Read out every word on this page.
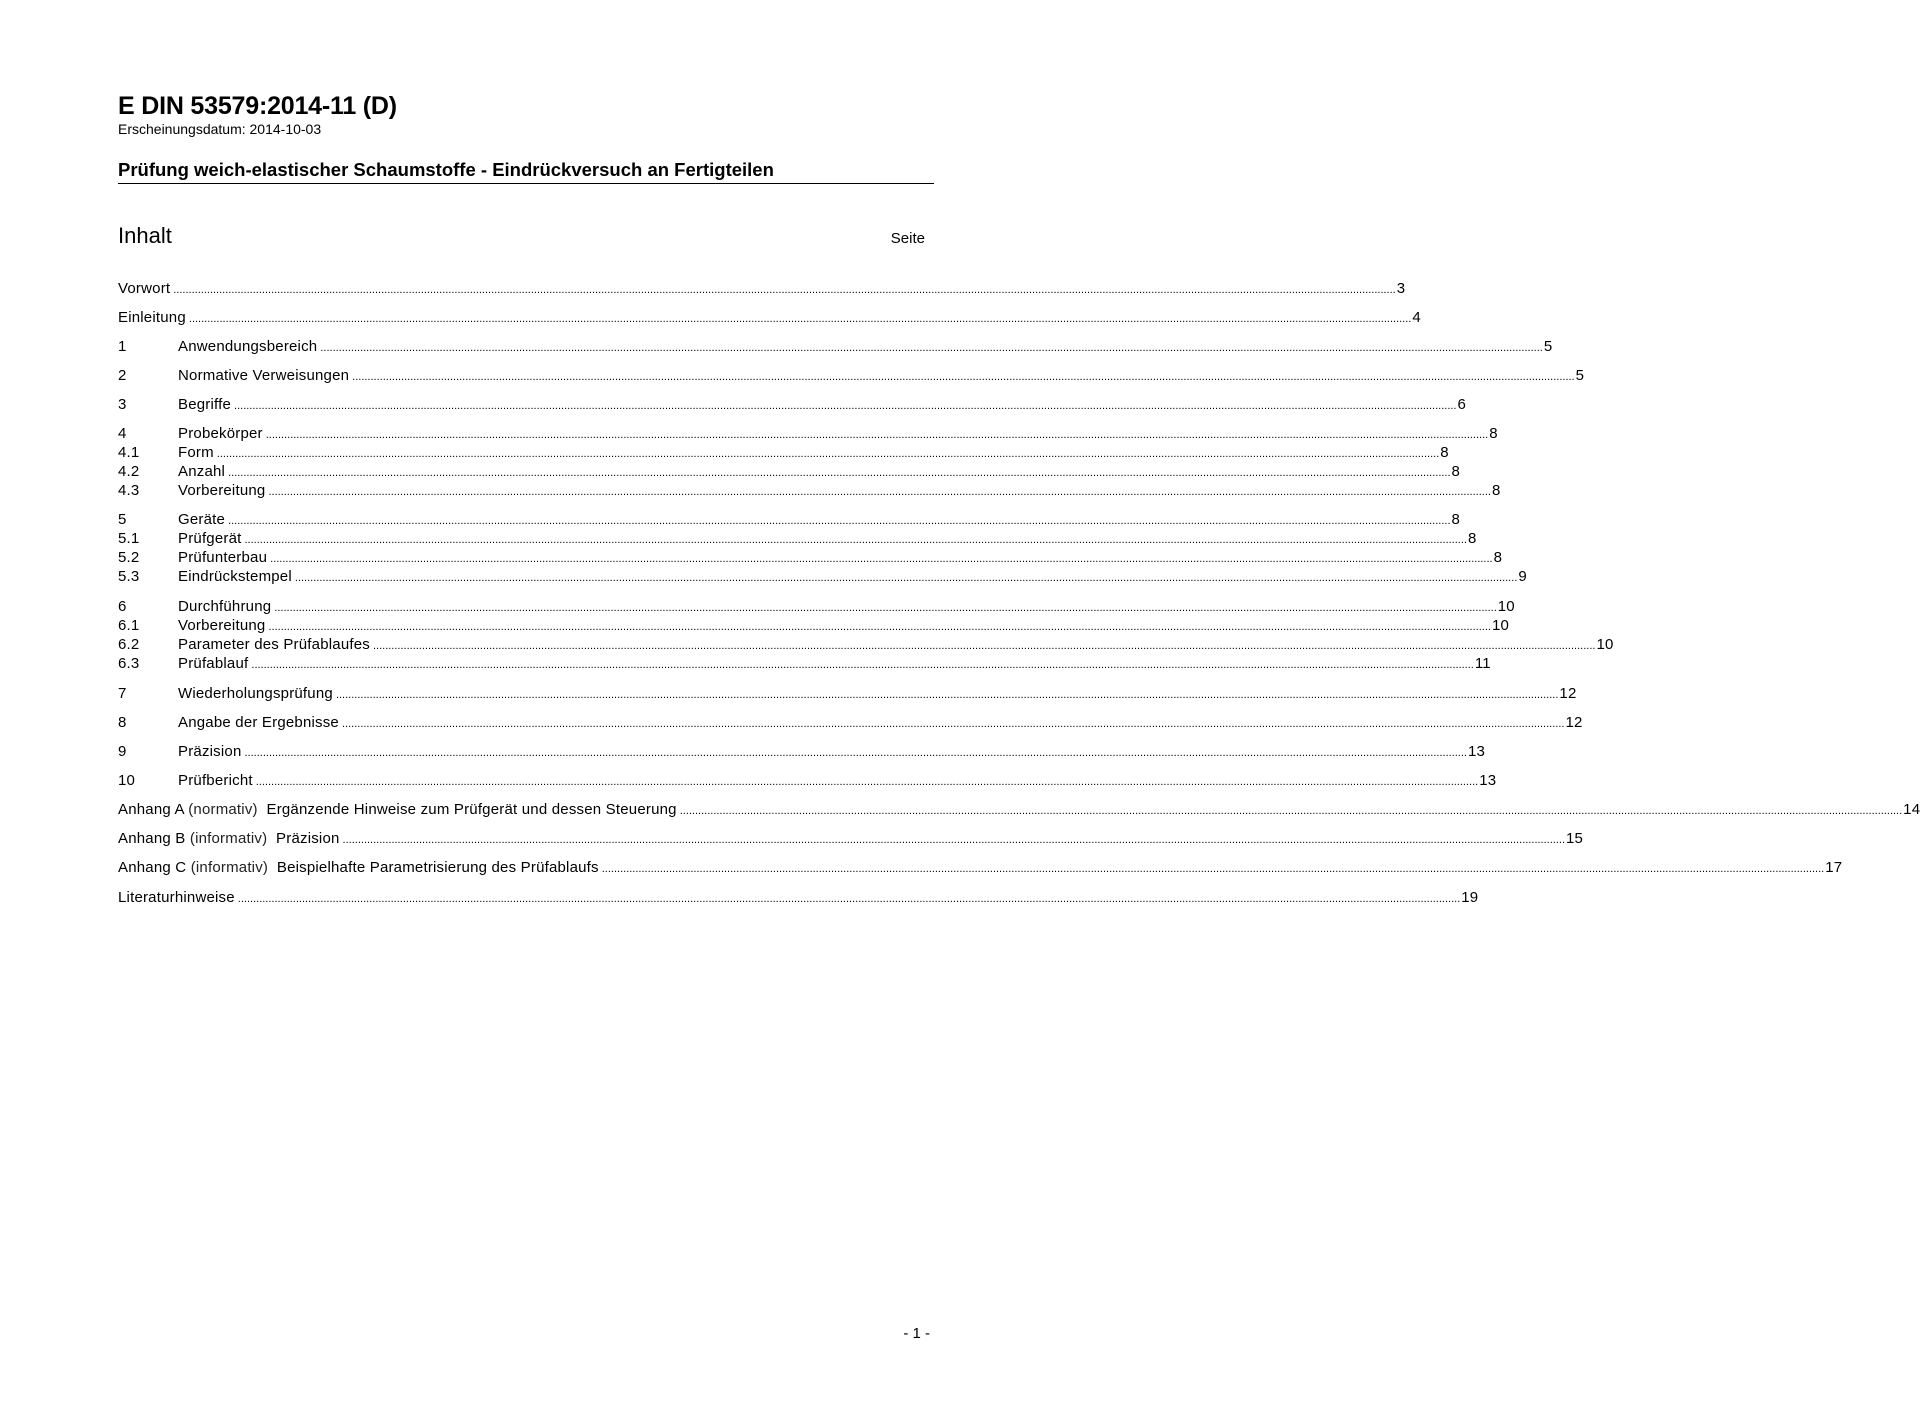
E DIN 53579:2014-11 (D)
Erscheinungsdatum: 2014-10-03
Prüfung weich-elastischer Schaumstoffe - Eindrückversuch an Fertigteilen
Inhalt	Seite
Vorwort ................................................................................................................................................................................................................................................................................................................................................................................................................ 3
Einleitung ................................................................................................................................................................................................................................................................................................................................................................................................................ 4
1	Anwendungsbereich ................................................................................................................................................................................................................................................................................................................................................................................................................ 5
2	Normative Verweisungen ................................................................................................................................................................................................................................................................................................................................................................................................................ 5
3	Begriffe ................................................................................................................................................................................................................................................................................................................................................................................................................ 6
4	Probekörper ................................................................................................................................................................................................................................................................................................................................................................................................................ 8
4.1	Form ................................................................................................................................................................................................................................................................................................................................................................................................................ 8
4.2	Anzahl ................................................................................................................................................................................................................................................................................................................................................................................................................ 8
4.3	Vorbereitung ................................................................................................................................................................................................................................................................................................................................................................................................................ 8
5	Geräte ................................................................................................................................................................................................................................................................................................................................................................................................................ 8
5.1	Prüfgerät ................................................................................................................................................................................................................................................................................................................................................................................................................ 8
5.2	Prüfunterbau ................................................................................................................................................................................................................................................................................................................................................................................................................ 8
5.3	Eindrückstempel ................................................................................................................................................................................................................................................................................................................................................................................................................ 9
6	Durchführung ................................................................................................................................................................................................................................................................................................................................................................................................................ 10
6.1	Vorbereitung ................................................................................................................................................................................................................................................................................................................................................................................................................ 10
6.2	Parameter des Prüfablaufes ................................................................................................................................................................................................................................................................................................................................................................................................................ 10
6.3	Prüfablauf ................................................................................................................................................................................................................................................................................................................................................................................................................ 11
7	Wiederholungsprüfung ................................................................................................................................................................................................................................................................................................................................................................................................................ 12
8	Angabe der Ergebnisse ................................................................................................................................................................................................................................................................................................................................................................................................................ 12
9	Präzision ................................................................................................................................................................................................................................................................................................................................................................................................................ 13
10	Prüfbericht ................................................................................................................................................................................................................................................................................................................................................................................................................ 13
Anhang A (normativ) Ergänzende Hinweise zum Prüfgerät und dessen Steuerung ................................................................................................................................................................................................................................................................................................................................................................................................................ 14
Anhang B (informativ) Präzision ................................................................................................................................................................................................................................................................................................................................................................................................................ 15
Anhang C (informativ) Beispielhafte Parametrisierung des Prüfablaufs ................................................................................................................................................................................................................................................................................................................................................................................................................ 17
Literaturhinweise ................................................................................................................................................................................................................................................................................................................................................................................................................ 19
- 1 -
